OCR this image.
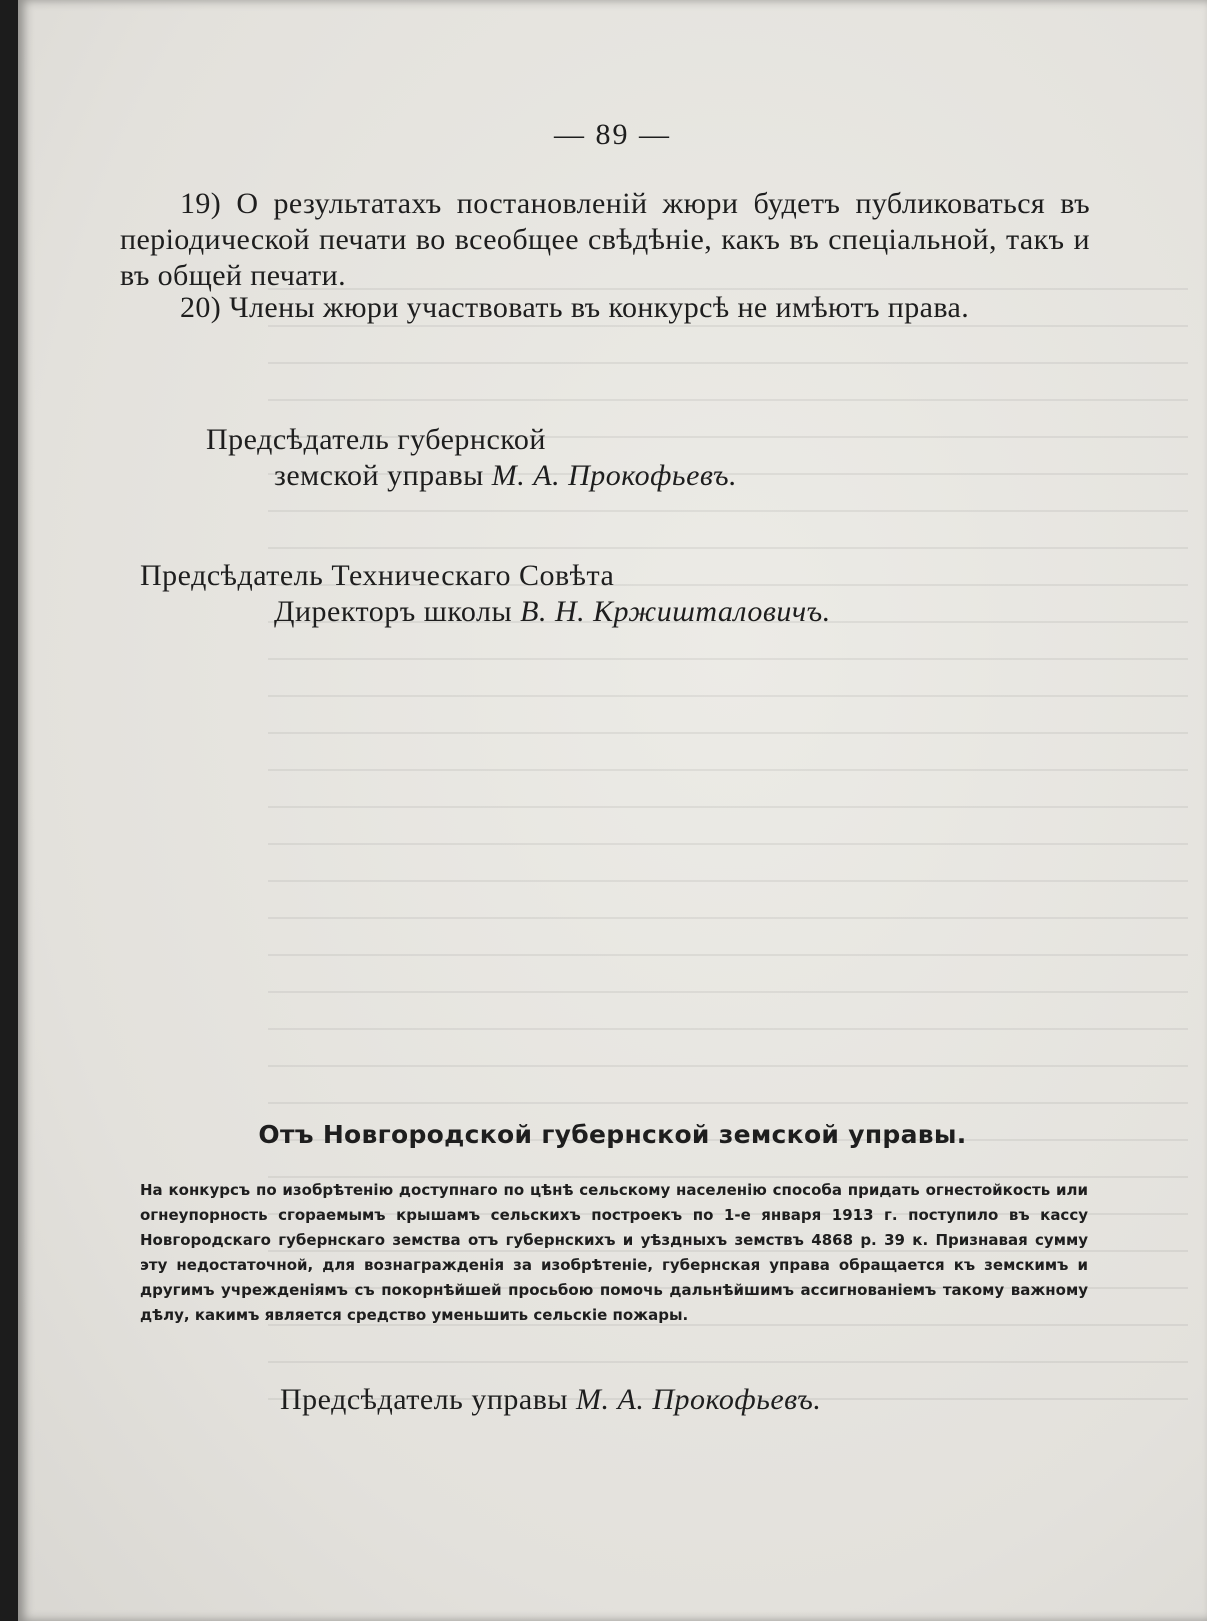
— 89 —
19) О результатахъ постановленій жюри будетъ публиковаться въ періодической печати во всеобщее свѣдѣніе, какъ въ спеціальной, такъ и въ общей печати.
20) Члены жюри участвовать въ конкурсѣ не имѣютъ права.
Предсѣдатель губернской
земской управы М. А. Прокофьевъ.
Предсѣдатель Техническаго Совѣта
Директоръ школы В. Н. Кржишталовичъ.
Отъ Новгородской губернской земской управы.
На конкурсъ по изобрѣтенію доступнаго по цѣнѣ сельскому населенію способа придать огнестойкость или огнеупорность сгораемымъ крышамъ сельскихъ построекъ по 1-е января 1913 г. поступило въ кассу Новгородскаго губернскаго земства отъ губернскихъ и уѣздныхъ земствъ 4868 р. 39 к. Признавая сумму эту недостаточной, для вознагражденія за изобрѣтеніе, губернская управа обращается къ земскимъ и другимъ учрежденіямъ съ покорнѣйшей просьбою помочь дальнѣйшимъ ассигнованіемъ такому важному дѣлу, какимъ является средство уменьшить сельскіе пожары.
Предсѣдатель управы М. А. Прокофьевъ.
